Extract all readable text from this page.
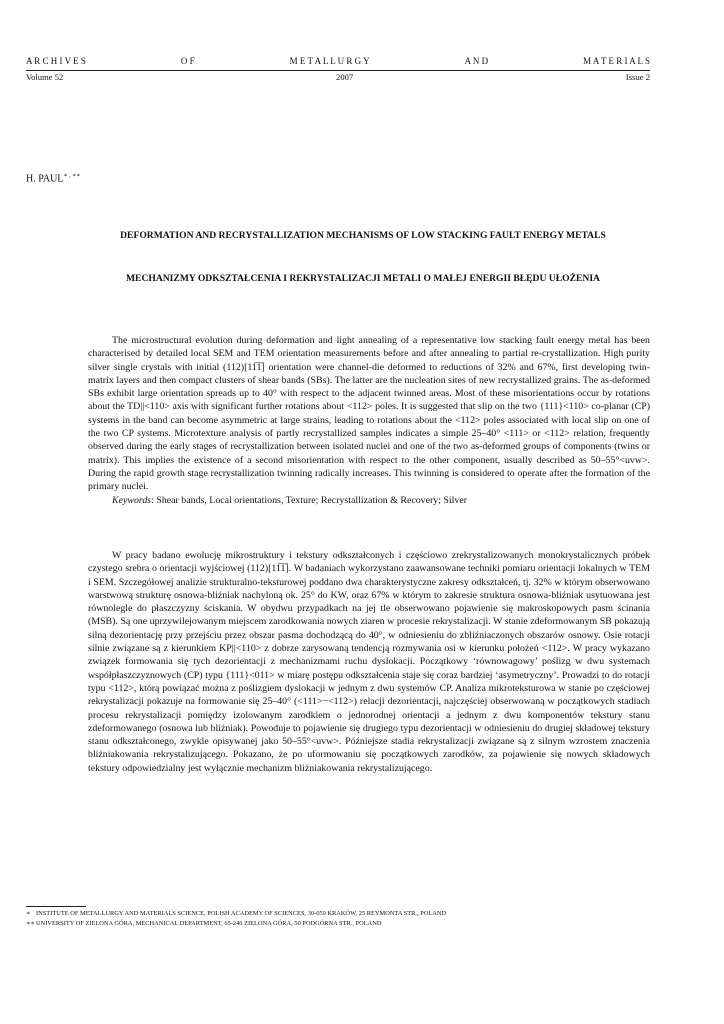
A R C H I V E S	O F	M E T A L L U R G Y	A N D	M A T E R I A L S
Volume 52	2007	Issue 2
H. PAUL∗ , ∗∗
DEFORMATION AND RECRYSTALLIZATION MECHANISMS OF LOW STACKING FAULT ENERGY METALS
MECHANIZMY ODKSZTAŁCENIA I REKRYSTALIZACJI METALI O MAŁEJ ENERGII BŁĘDU UŁOŻENIA

The microstructural evolution during deformation and light annealing of a representative low stacking fault energy metal has been characterised by detailed local SEM and TEM orientation measurements before and after annealing to partial re-crystallization. High purity silver single crystals with initial (112)[11̅1̅] orientation were channel-die deformed to reductions of 32% and 67%, first developing twin-matrix layers and then compact clusters of shear bands (SBs). The latter are the nucleation sites of new recrystallized grains. The as-deformed SBs exhibit large orientation spreads up to 40° with respect to the adjacent twinned areas. Most of these misorientations occur by rotations about the TD||<110> axis with significant further rotations about <112> poles. It is suggested that slip on the two {111}<110> co-planar (CP) systems in the band can become asymmetric at large strains, leading to rotations about the <112> poles associated with local slip on one of the two CP systems. Microtexture analysis of partly recrystallized samples indicates a simple 25–40° <111> or <112> relation, frequently observed during the early stages of recrystallization between isolated nuclei and one of the two as-deformed groups of components (twins or matrix). This implies the existence of a second misorientation with respect to the other component, usually described as 50–55°<uvw>. During the rapid growth stage recrystallization twinning radically increases. This twinning is considered to operate after the formation of the primary nuclei.

Keywords: Shear bands, Local orientations, Texture; Recrystallization & Recovery; Silver

W pracy badano ewolucję mikrostruktury i tekstury odkształconych i częściowo zrekrystalizowanych monokrystalicznych próbek czystego srebra o orientacji wyjściowej (112)[11̅1̅]. W badaniach wykorzystano zaawansowane techniki pomiaru orientacji lokalnych w TEM i SEM. Szczegółowej analizie strukturalno-teksturowej poddano dwa charakterystyczne zakresy odkształceń, tj. 32% w którym obserwowano warstwową strukturę osnowa-bliźniak nachyloną ok. 25° do KW, oraz 67% w którym to zakresie struktura osnowa-bliźniak usytuowana jest równolegle do płaszczyzny ściskania. W obydwu przypadkach na jej tle obserwowano pojawienie się makroskopowych pasm ścinania (MSB). Są one uprzywilejowanym miejscem zarodkowania nowych ziaren w procesie rekrystalizacji. W stanie zdeformowanym SB pokazują silną dezorientację przy przejściu przez obszar pasma dochodzącą do 40°, w odniesieniu do zbliźniaczonych obszarów osnowy. Osie rotacji silnie związane są z kierunkiem KP||<110> z dobrze zarysowaną tendencją rozmywania osi w kierunku położeń <112>. W pracy wykazano związek formowania się tych dezorientacji z mechanizmami ruchu dyslokacji. Początkowy ‘równowagowy’ poślizg w dwu systemach współpłaszczyznowych (CP) typu {111}<011> w miarę postępu odkształcenia staje się coraz bardziej ‘asymetryczny’. Prowadzi to do rotacji typu <112>, którą powiązać można z poślizgiem dyslokacji w jednym z dwu systemów CP. Analiza mikroteksturowa w stanie po częściowej rekrystalizacji pokazuje na formowanie się 25–40° (<111>−<112>) relacji dezorientacji, najczęściej obserwowaną w początkowych stadiach procesu rekrystalizacji pomiędzy izolowanym zarodkiem o jednorodnej orientacji a jednym z dwu komponentów tekstury stanu zdeformowanego (osnowa lub bliźniak). Powoduje to pojawienie się drugiego typu dezorientacji w odniesieniu do drugiej składowej tekstury stanu odkształconego, zwykle opisywanej jako 50–55°<uvw>. Późniejsze stadia rekrystalizacji związane są z silnym wzrostem znaczenia bliźniakowania rekrystalizującego. Pokazano, że po uformowaniu się początkowych zarodków, za pojawienie się nowych składowych tekstury odpowiedzialny jest wyłącznie mechanizm bliźniakowania rekrystalizującego.

∗ INSTITUTE OF METALLURGY AND MATERIALS SCIENCE, POLISH ACADEMY OF SCIENCES, 30-059 KRAKÓW, 25 REYMONTA STR., POLAND
∗∗UNIVERSITY OF ZIELONA GÓRA, MECHANICAL DEPARTMENT, 65-246 ZIELONA GÓRA, 50 PODGÓRNA STR., POLAND
